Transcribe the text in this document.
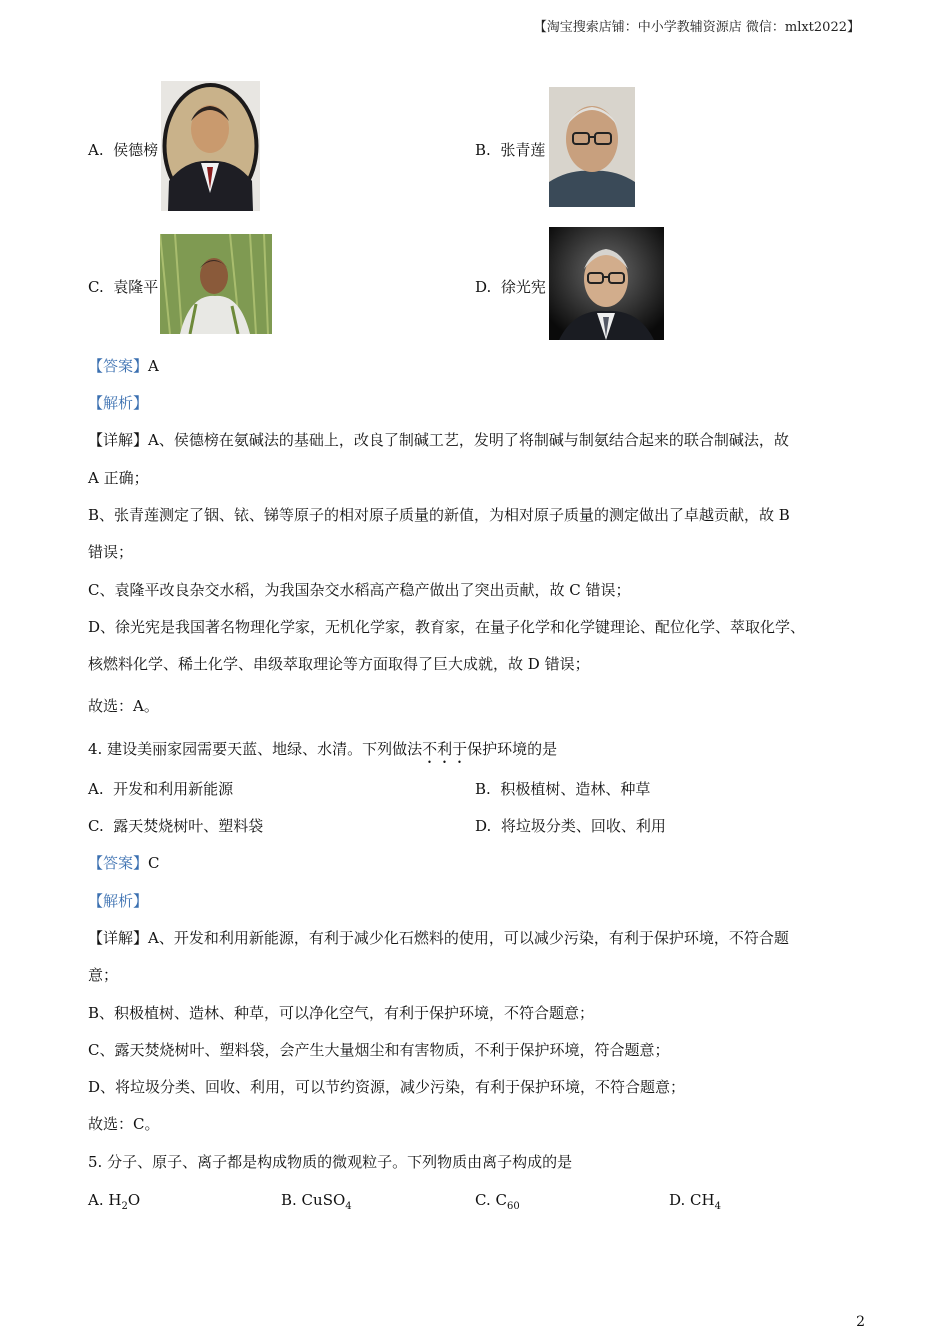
【淘宝搜索店铺：中小学教辅资源店 微信：mlxt2022】
A. 侯德榜	B. 张青莲
C. 袁隆平	D. 徐光宪
【答案】A
【解析】
【详解】A、侯德榜在氨碱法的基础上，改良了制碱工艺，发明了将制碱与制氨结合起来的联合制碱法，故
A 正确；
B、张青莲测定了铟、铱、锑等原子的相对原子质量的新值，为相对原子质量的测定做出了卓越贡献，故 B
错误；
C、袁隆平改良杂交水稻，为我国杂交水稻高产稳产做出了突出贡献，故 C 错误；
D、徐光宪是我国著名物理化学家，无机化学家，教育家，在量子化学和化学键理论、配位化学、萃取化学、
核燃料化学、稀土化学、串级萃取理论等方面取得了巨大成就，故 D 错误；
故选：A。
4. 建设美丽家园需要天蓝、地绿、水清。下列做法不利于保护环境的是
A. 开发和利用新能源	B. 积极植树、造林、种草
C. 露天焚烧树叶、塑料袋	D. 将垃圾分类、回收、利用
【答案】C
【解析】
【详解】A、开发和利用新能源，有利于减少化石燃料的使用，可以减少污染，有利于保护环境，不符合题
意；
B、积极植树、造林、种草，可以净化空气，有利于保护环境，不符合题意；
C、露天焚烧树叶、塑料袋，会产生大量烟尘和有害物质，不利于保护环境，符合题意；
D、将垃圾分类、回收、利用，可以节约资源，减少污染，有利于保护环境，不符合题意；
故选：C。
5. 分子、原子、离子都是构成物质的微观粒子。下列物质由离子构成的是
A. $H_2O$	B. CuSO$_4$	C. $C_{60}$	D. $CH_4$
2
